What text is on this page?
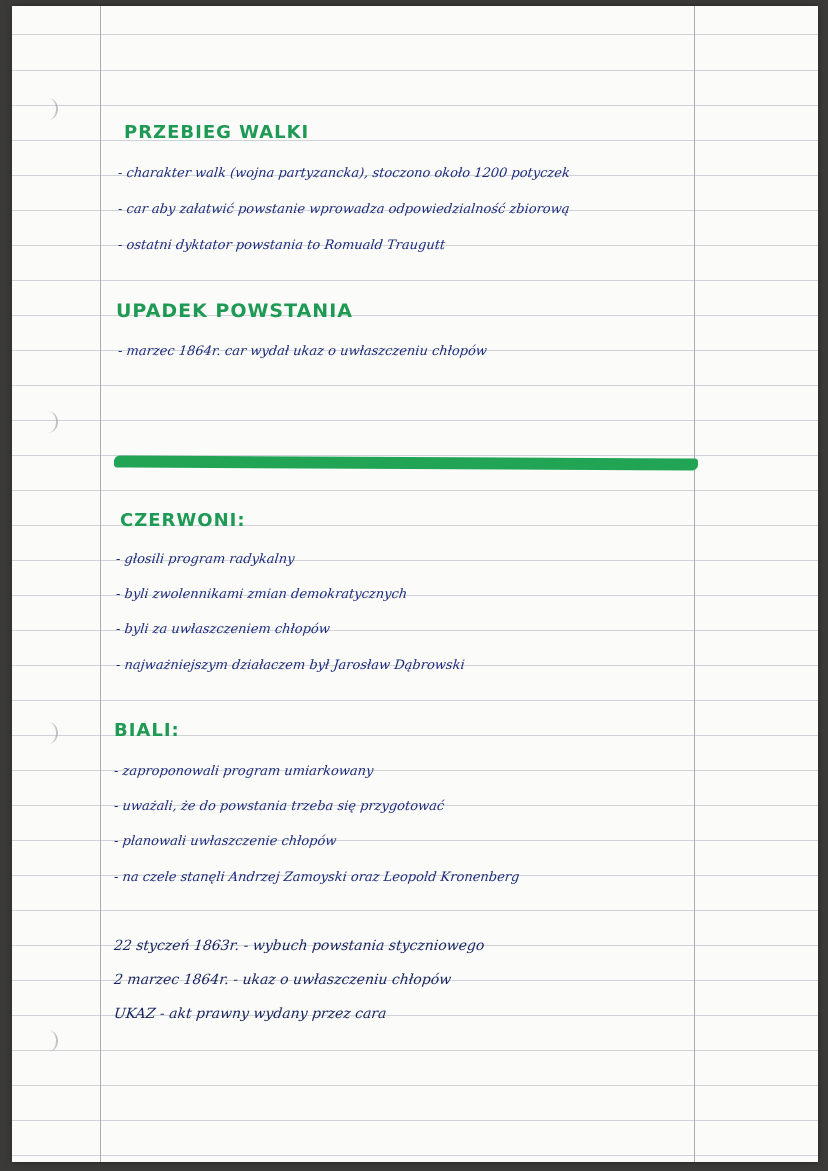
PRZEBIEG WALKI

- charakter walk (wojna partyzancka), stoczono około 1200 potyczek

- car aby załatwić powstanie wprowadza odpowiedzialność zbiorową

- ostatni dyktator powstania to Romuald Traugutt

UPADEK POWSTANIA

- marzec 1864r. car wydał ukaz o uwłaszczeniu chłopów

CZERWONI:

- głosili program radykalny

- byli zwolennikami zmian demokratycznych

- byli za uwłaszczeniem chłopów

- najważniejszym działaczem był Jarosław Dąbrowski

BIALI:

- zaproponowali program umiarkowany

- uważali, że do powstania trzeba się przygotować

- planowali uwłaszczenie chłopów

- na czele stanęli Andrzej Zamoyski oraz Leopold Kronenberg

22 styczeń 1863r. - wybuch powstania styczniowego

2 marzec 1864r. - ukaz o uwłaszczeniu chłopów

UKAZ - akt prawny wydany przez cara
